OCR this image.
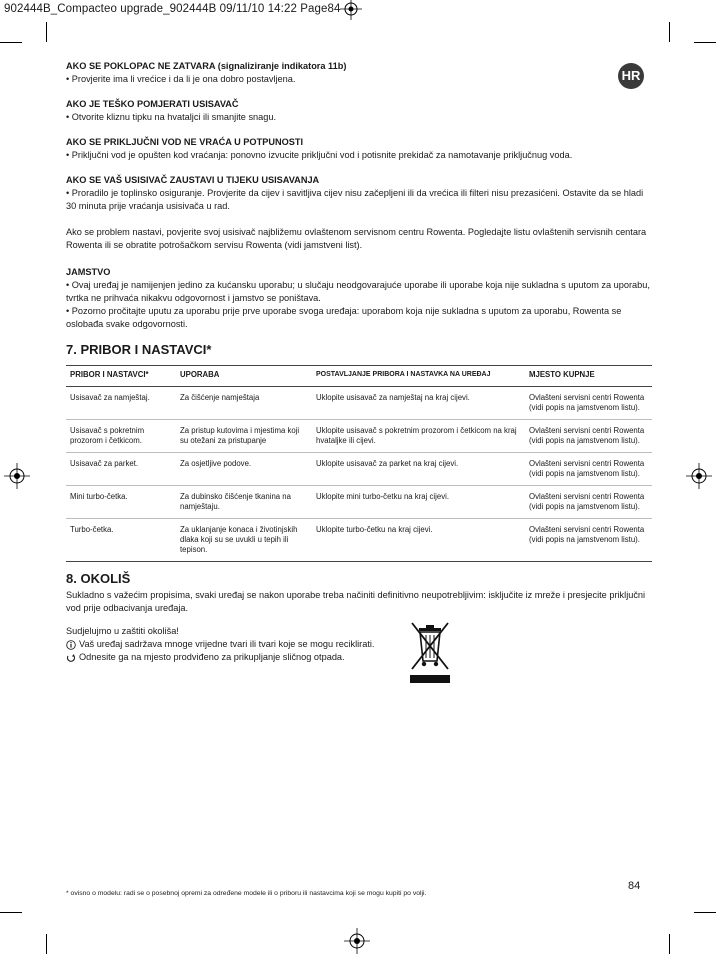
902444B_Compacteo upgrade_902444B 09/11/10 14:22 Page84
HR

AKO SE POKLOPAC NE ZATVARA (signaliziranje indikatora 11b)

• Provjerite ima li vrećice i da li je ona dobro postavljena.

AKO JE TEŠKO POMJERATI USISAVAČ

• Otvorite kliznu tipku na hvataljci ili smanjite snagu.

AKO SE PRIKLJUČNI VOD NE VRAĆA U POTPUNOSTI

• Priključni vod je opušten kod vraćanja: ponovno izvucite priključni vod i potisnite prekidač za namotavanje priključnug voda.

AKO SE VAŠ USISIVAČ ZAUSTAVI U TIJEKU USISAVANJA

• Proradilo je toplinsko osiguranje. Provjerite da cijev i savitljiva cijev nisu začepljeni ili da vrećica ili filteri nisu prezasićeni. Ostavite da se hladi 30 minuta prije vraćanja usisivača u rad.

Ako se problem nastavi, povjerite svoj usisivač najbližemu ovlaštenom servisnom centru Rowenta. Pogledajte listu ovlaštenih servisnih centara Rowenta ili se obratite potrošačkom servisu Rowenta (vidi jamstveni list).

JAMSTVO

• Ovaj uređaj je namijenjen jedino za kućansku uporabu; u slučaju neodgovarajuće uporabe ili uporabe koja nije sukladna s uputom za uporabu, tvrtka ne prihvaća nikakvu odgovornost i jamstvo se poništava.

• Pozorno pročitajte uputu za uporabu prije prve uporabe svoga uređaja: uporabom koja nije sukladna s uputom za uporabu, Rowenta se oslobađa svake odgovornosti.

7. PRIBOR I NASTAVCI*
PRIBOR I NASTAVCI*	UPORABA	POSTAVLJANJE PRIBORA I NASTAVKA NA UREĐAJ	MJESTO KUPNJE
Usisavač za namještaj.	Za čišćenje namještaja	Uklopite usisavač za namještaj na kraj cijevi.	Ovlašteni servisni centri Rowenta (vidi popis na jamstvenom listu).
Usisavač s pokretnim prozorom i četkicom.	Za pristup kutovima i mjestima koji su otežani za pristupanje	Uklopite usisavač s pokretnim prozorom i četkicom na kraj hvataljke ili cijevi.	Ovlašteni servisni centri Rowenta (vidi popis na jamstvenom listu).
Usisavač za parket.	Za osjetljive podove.	Uklopite usisavač za parket na kraj cijevi.	Ovlašteni servisni centri Rowenta (vidi popis na jamstvenom listu).
Mini turbo-četka.	Za dubinsko čišćenje tkanina na namještaju.	Uklopite mini turbo-četku na kraj cijevi.	Ovlašteni servisni centri Rowenta (vidi popis na jamstvenom listu).
Turbo-četka.	Za uklanjanje konaca i životinjskih dlaka koji su se uvukli u tepih ili tepison.	Uklopite turbo-četku na kraj cijevi.	Ovlašteni servisni centri Rowenta (vidi popis na jamstvenom listu).
8. OKOLIŠ

Sukladno s važećim propisima, svaki uređaj se nakon uporabe treba načiniti definitivno neupotrebljivim: isključite iz mreže i presjecite priključni vod prije odbacivanja uređaja.

Sudjelujmo u zaštiti okoliša!

Vaš uređaj sadržava mnoge vrijedne tvari ili tvari koje se mogu reciklirati.
Odnesite ga na mjesto prodviđeno za prikupljanje sličnog otpada.
84
* ovisno o modelu: radi se o posebnoj opremi za određene modele ili o priboru ili nastavcima koji se mogu kupiti po volji.
